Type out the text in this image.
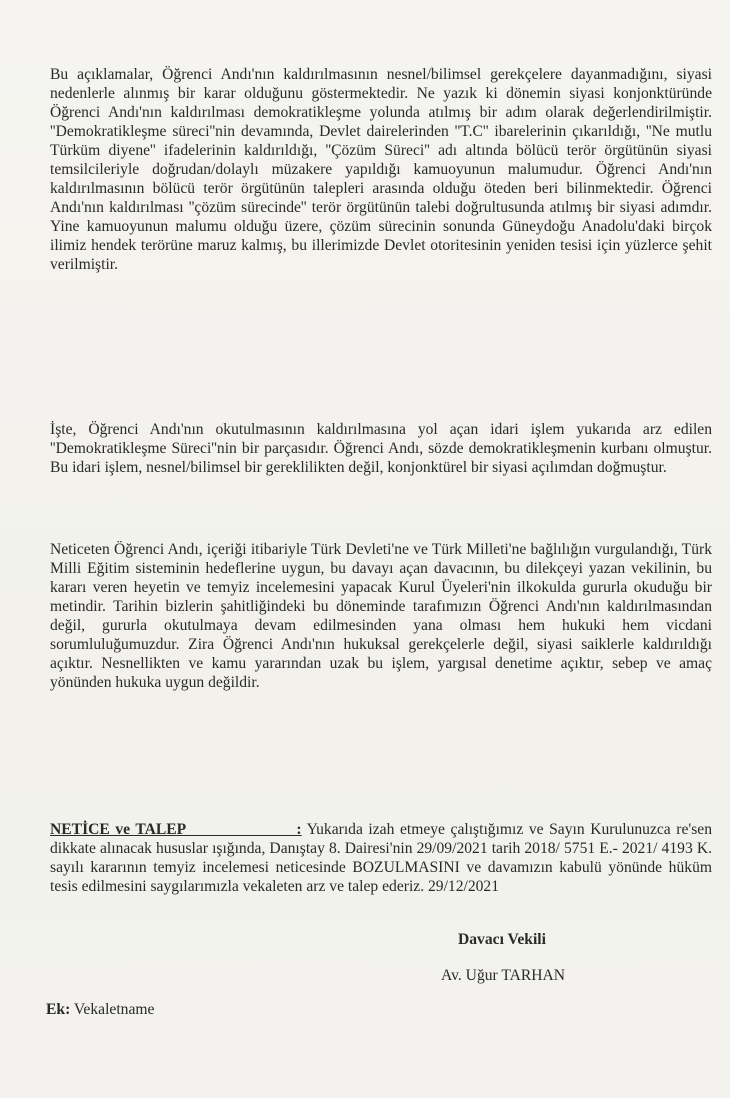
Bu açıklamalar, Öğrenci Andı'nın kaldırılmasının nesnel/bilimsel gerekçelere dayanmadığını, siyasi nedenlerle alınmış bir karar olduğunu göstermektedir. Ne yazık ki dönemin siyasi konjonktüründe Öğrenci Andı'nın kaldırılması demokratikleşme yolunda atılmış bir adım olarak değerlendirilmiştir. ''Demokratikleşme süreci''nin devamında, Devlet dairelerinden ''T.C'' ibarelerinin çıkarıldığı, ''Ne mutlu Türküm diyene'' ifadelerinin kaldırıldığı, ''Çözüm Süreci'' adı altında bölücü terör örgütünün siyasi temsilcileriyle doğrudan/dolaylı müzakere yapıldığı kamuoyunun malumudur. Öğrenci Andı'nın kaldırılmasının bölücü terör örgütünün talepleri arasında olduğu öteden beri bilinmektedir. Öğrenci Andı'nın kaldırılması ''çözüm sürecinde'' terör örgütünün talebi doğrultusunda atılmış bir siyasi adımdır. Yine kamuoyunun malumu olduğu üzere, çözüm sürecinin sonunda Güneydoğu Anadolu'daki birçok ilimiz hendek terörüne maruz kalmış, bu illerimizde Devlet otoritesinin yeniden tesisi için yüzlerce şehit verilmiştir.

İşte, Öğrenci Andı'nın okutulmasının kaldırılmasına yol açan idari işlem yukarıda arz edilen ''Demokratikleşme Süreci''nin bir parçasıdır. Öğrenci Andı, sözde demokratikleşmenin kurbanı olmuştur. Bu idari işlem, nesnel/bilimsel bir gereklilikten değil, konjonktürel bir siyasi açılımdan doğmuştur.

Neticeten Öğrenci Andı, içeriği itibariyle Türk Devleti'ne ve Türk Milleti'ne bağlılığın vurgulandığı, Türk Milli Eğitim sisteminin hedeflerine uygun, bu davayı açan davacının, bu dilekçeyi yazan vekilinin, bu kararı veren heyetin ve temyiz incelemesini yapacak Kurul Üyeleri'nin ilkokulda gururla okuduğu bir metindir. Tarihin bizlerin şahitliğindeki bu döneminde tarafımızın Öğrenci Andı'nın kaldırılmasından değil, gururla okutulmaya devam edilmesinden yana olması hem hukuki hem vicdani sorumluluğumuzdur. Zira Öğrenci Andı'nın hukuksal gerekçelerle değil, siyasi saiklerle kaldırıldığı açıktır. Nesnellikten ve kamu yararından uzak bu işlem, yargısal denetime açıktır, sebep ve amaç yönünden hukuka uygun değildir.

NETİCE ve TALEP                    : Yukarıda izah etmeye çalıştığımız ve Sayın Kurulunuzca re'sen dikkate alınacak hususlar ışığında, Danıştay 8. Dairesi'nin 29/09/2021 tarih 2018/ 5751 E.- 2021/ 4193 K. sayılı kararının temyiz incelemesi neticesinde BOZULMASINI ve davamızın kabulü yönünde hüküm tesis edilmesini saygılarımızla vekaleten arz ve talep ederiz. 29/12/2021

Davacı Vekili
Av. Uğur TARHAN
Ek: Vekaletname
